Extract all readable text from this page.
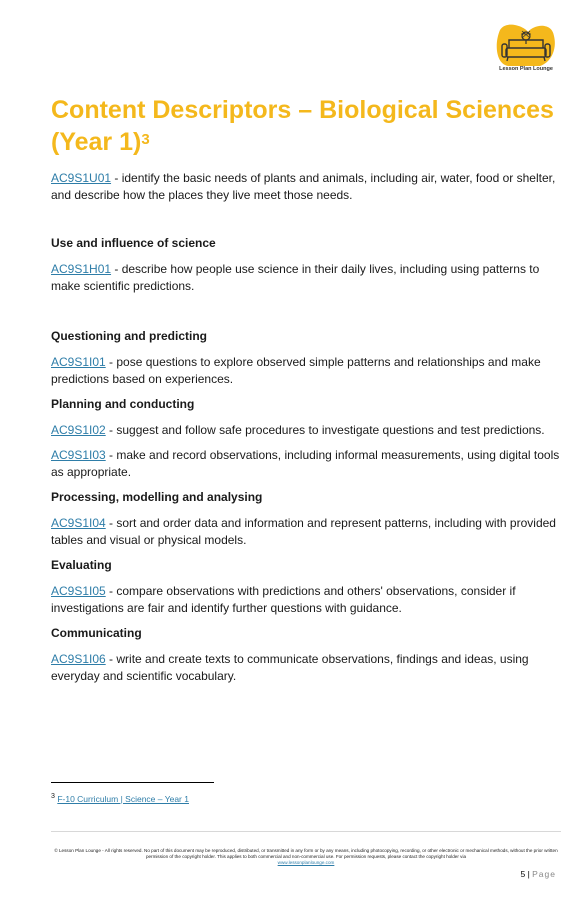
Lesson Plan Lounge
Content Descriptors – Biological Sciences (Year 1)$^3$

AC9S1U01 - identify the basic needs of plants and animals, including air, water, food or shelter, and describe how the places they live meet those needs.

Use and influence of science

AC9S1H01 - describe how people use science in their daily lives, including using patterns to make scientific predictions.

Questioning and predicting

AC9S1I01 - pose questions to explore observed simple patterns and relationships and make predictions based on experiences.

Planning and conducting

AC9S1I02 - suggest and follow safe procedures to investigate questions and test predictions.

AC9S1I03 - make and record observations, including informal measurements, using digital tools as appropriate.

Processing, modelling and analysing

AC9S1I04 - sort and order data and information and represent patterns, including with provided tables and visual or physical models.

Evaluating

AC9S1I05 - compare observations with predictions and others' observations, consider if investigations are fair and identify further questions with guidance.

Communicating

AC9S1I06 - write and create texts to communicate observations, findings and ideas, using everyday and scientific vocabulary.

$^3$ F-10 Curriculum | Science – Year 1
© Lesson Plan Lounge - All rights reserved. No part of this document may be reproduced, distributed, or transmitted in any form or by any means, including photocopying, recording, or other electronic or mechanical methods, without the prior written permission of the copyright holder. This applies to both commercial and non-commercial use. For permission requests, please contact the copyright holder via
www.lessonplanlounge.com
5 | Page
